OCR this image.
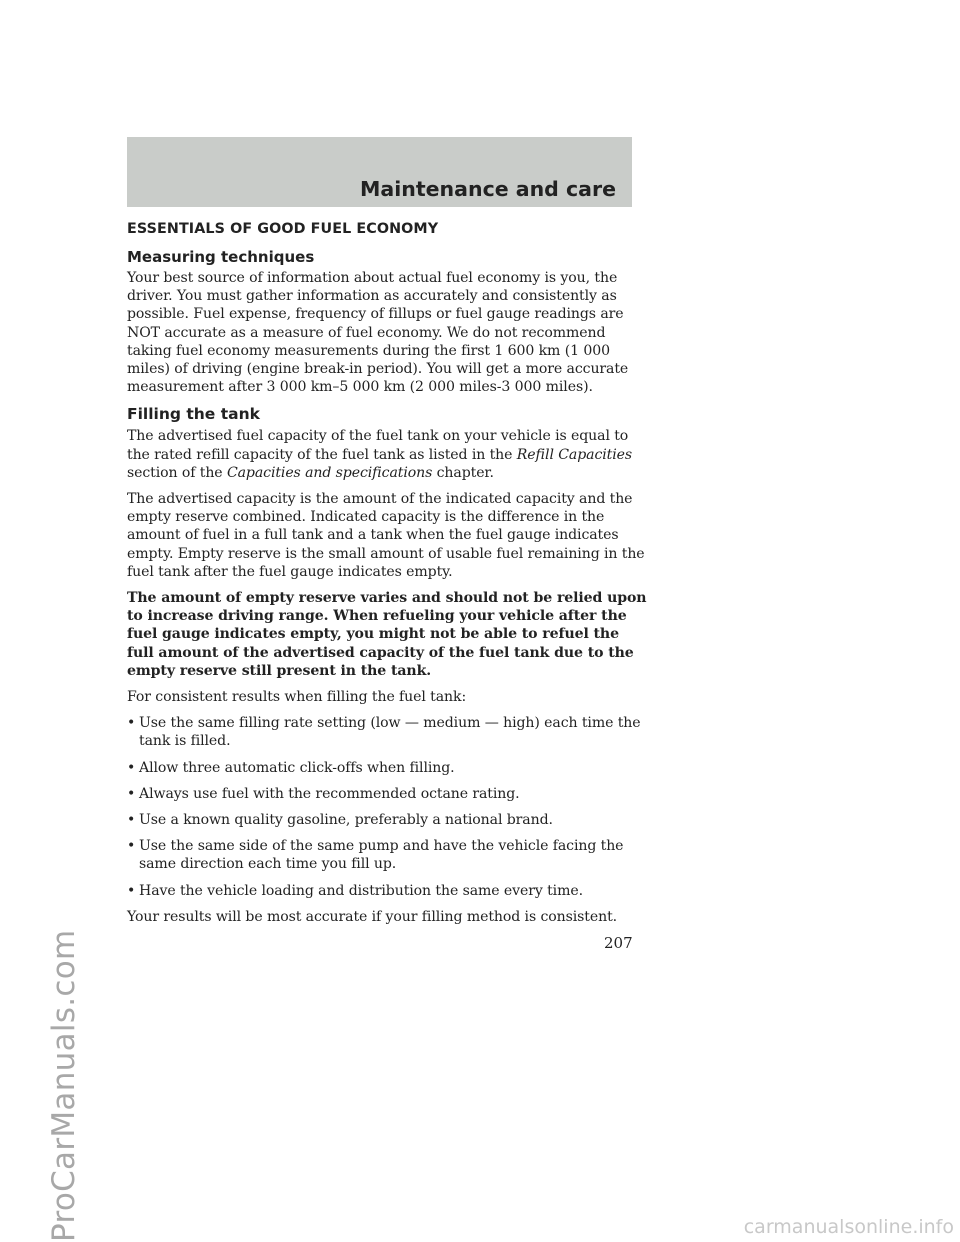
Maintenance and care
ESSENTIALS OF GOOD FUEL ECONOMY
Measuring techniques

Your best source of information about actual fuel economy is you, the driver. You must gather information as accurately and consistently as possible. Fuel expense, frequency of fillups or fuel gauge readings are NOT accurate as a measure of fuel economy. We do not recommend taking fuel economy measurements during the first 1 600 km (1 000 miles) of driving (engine break-in period). You will get a more accurate measurement after 3 000 km–5 000 km (2 000 miles-3 000 miles).

Filling the tank

The advertised fuel capacity of the fuel tank on your vehicle is equal to the rated refill capacity of the fuel tank as listed in the Refill Capacities section of the Capacities and specifications chapter.

The advertised capacity is the amount of the indicated capacity and the empty reserve combined. Indicated capacity is the difference in the amount of fuel in a full tank and a tank when the fuel gauge indicates empty. Empty reserve is the small amount of usable fuel remaining in the fuel tank after the fuel gauge indicates empty.

The amount of empty reserve varies and should not be relied upon to increase driving range. When refueling your vehicle after the fuel gauge indicates empty, you might not be able to refuel the full amount of the advertised capacity of the fuel tank due to the empty reserve still present in the tank.

For consistent results when filling the fuel tank:

• Use the same filling rate setting (low — medium — high) each time the tank is filled.
• Allow three automatic click-offs when filling.
• Always use fuel with the recommended octane rating.
• Use a known quality gasoline, preferably a national brand.
• Use the same side of the same pump and have the vehicle facing the same direction each time you fill up.
• Have the vehicle loading and distribution the same every time.

Your results will be most accurate if your filling method is consistent.

207
ProCarManuals.com	carmanualsonline.info
